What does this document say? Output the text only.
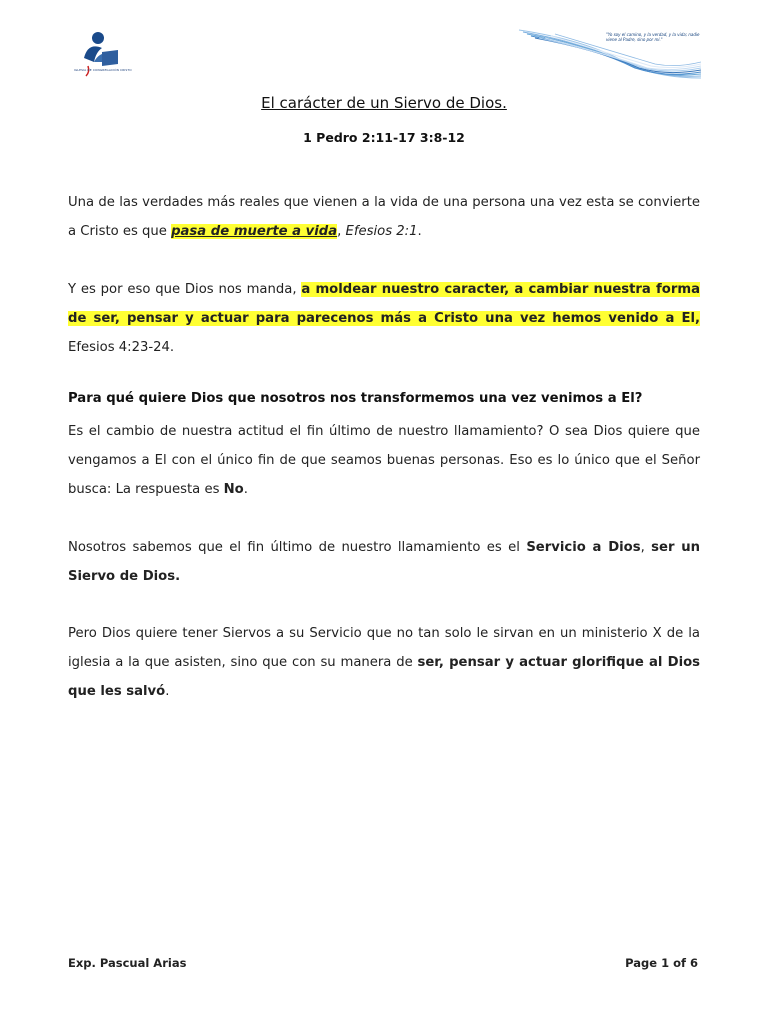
IGLESIA DE CONGREGACIÓN CRISTO
"Yo soy el camino, y la verdad, y la vida; nadie viene al Padre, sino por mí."
El carácter de un Siervo de Dios.
1 Pedro 2:11-17 3:8-12
Una de las verdades más reales que vienen a la vida de una persona una vez esta se convierte a Cristo es que pasa de muerte a vida, Efesios 2:1.
Y es por eso que Dios nos manda, a moldear nuestro caracter, a cambiar nuestra forma de ser, pensar y actuar para parecenos más a Cristo una vez hemos venido a El, Efesios 4:23-24.
Para qué quiere Dios que nosotros nos transformemos una vez venimos a El?
Es el cambio de nuestra actitud el fin último de nuestro llamamiento? O sea Dios quiere que vengamos a El con el único fin de que seamos buenas personas. Eso es lo único que el Señor busca: La respuesta es No.
Nosotros sabemos que el fin último de nuestro llamamiento es el Servicio a Dios, ser un Siervo de Dios.
Pero Dios quiere tener Siervos a su Servicio que no tan solo le sirvan en un ministerio X de la iglesia a la que asisten, sino que con su manera de ser, pensar y actuar glorifique al Dios que les salvó.
Exp. Pascual Arias	Page 1 of 6
